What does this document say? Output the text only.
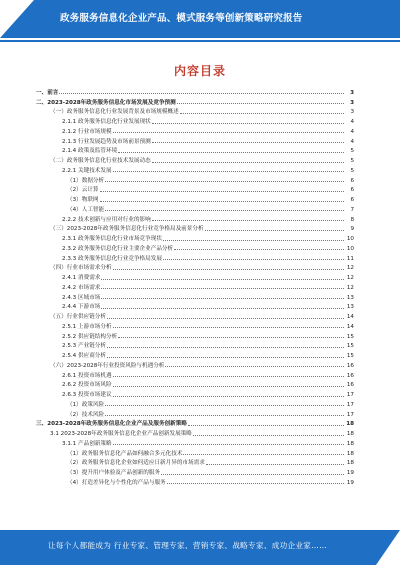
政务服务信息化企业产品、模式服务等创新策略研究报告
内容目录
一、前言	3
二、2023-2028年政务服务信息化市场发展及竞争预测	3
（一）政务服务信息化行业发展背景及市场规模概述	3
2.1.1 政务服务信息化行业发展现状	4
2.1.2 行业市场规模	4
2.1.3 行业发展趋势及市场前景预测	4
2.1.4 政策及监管环境	5
（二）政务服务信息化行业技术发展动态	5
2.2.1 关键技术发展	5
（1）数据分析	6
（2）云计算	6
（3）物联网	6
（4）人工智能	7
2.2.2 技术创新与应用对行业的影响	8
（三）2023-2028年政务服务信息化行业竞争格局及前景分析	9
2.3.1 政务服务信息化行业市场竞争现状	10
2.3.2 政务服务信息化行业主要企业产品分析	10
2.3.3 政务服务信息化行业竞争格局发展	11
（四）行业市场需求分析	12
2.4.1 消费需求	12
2.4.2 市场需求	12
2.4.3 区域市场	13
2.4.4 下游市场	13
（五）行业供应链分析	14
2.5.1 上游市场分析	14
2.5.2 供应链结构分析	15
2.5.3 产业链分析	15
2.5.4 供应商分析	15
（六）2023-2028年行业投资风险与机遇分析	16
2.6.1 投资市场机遇	16
2.6.2 投资市场风险	16
2.6.3 投资市场建议	17
（1）政策风险	17
（2）技术风险	17
三、2023-2028年政务服务信息化企业产品及服务创新策略	18
3.1 2023-2028年政务服务信息化企业产品创新发展策略	18
3.1.1 产品创新策略	18
（1）政务服务信息化产品如何融合多元化技术	18
（2）政务服务信息化企业如何适应日新月异的市场需求	18
（3）提升用户体验及产品创新的服务	19
（4）打造差异化与个性化的产品与服务	19
让每个人都能成为 行业专家、管理专家、营销专家、战略专家、成功企业家……
